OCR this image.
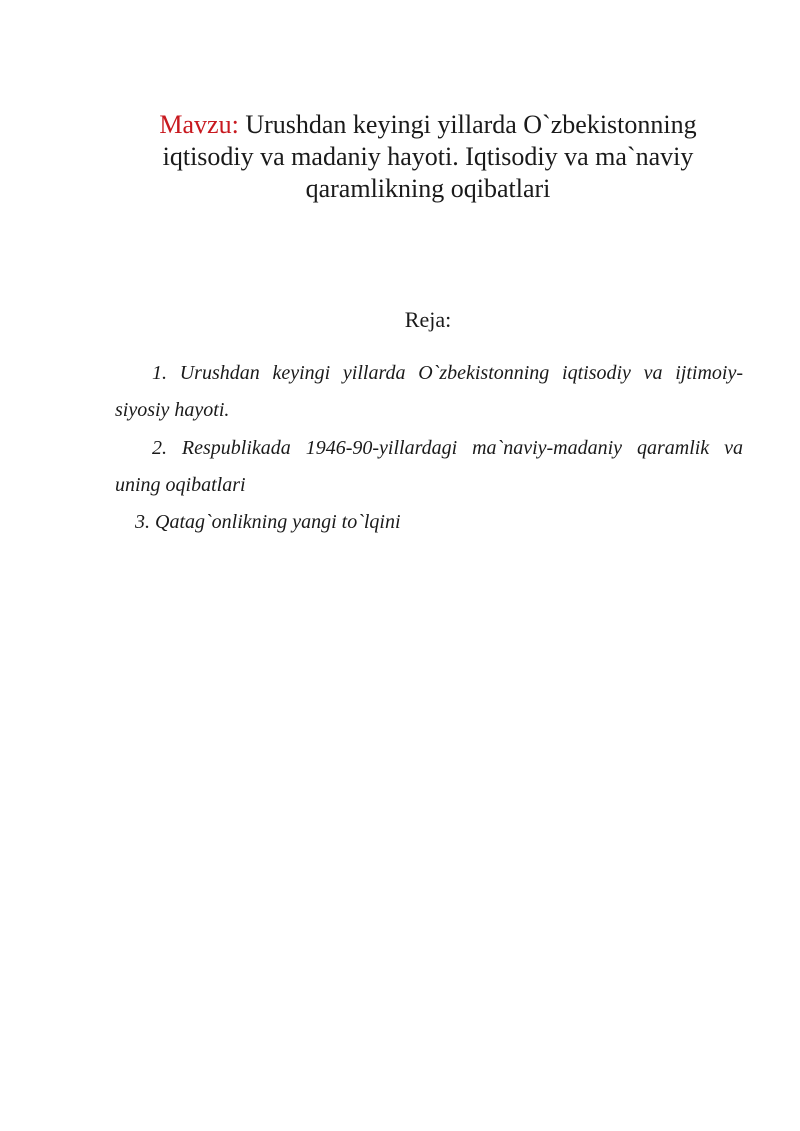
Mavzu: Urushdan keyingi yillarda O`zbekistonning iqtisodiy va madaniy hayoti. Iqtisodiy va ma`naviy qaramlikning oqibatlari
Reja:
1. Urushdan keyingi yillarda O`zbekistonning iqtisodiy va ijtimoiy-siyosiy hayoti.
2. Respublikada 1946-90-yillardagi ma`naviy-madaniy qaramlik va uning oqibatlari
3. Qatag`onlikning yangi to`lqini
